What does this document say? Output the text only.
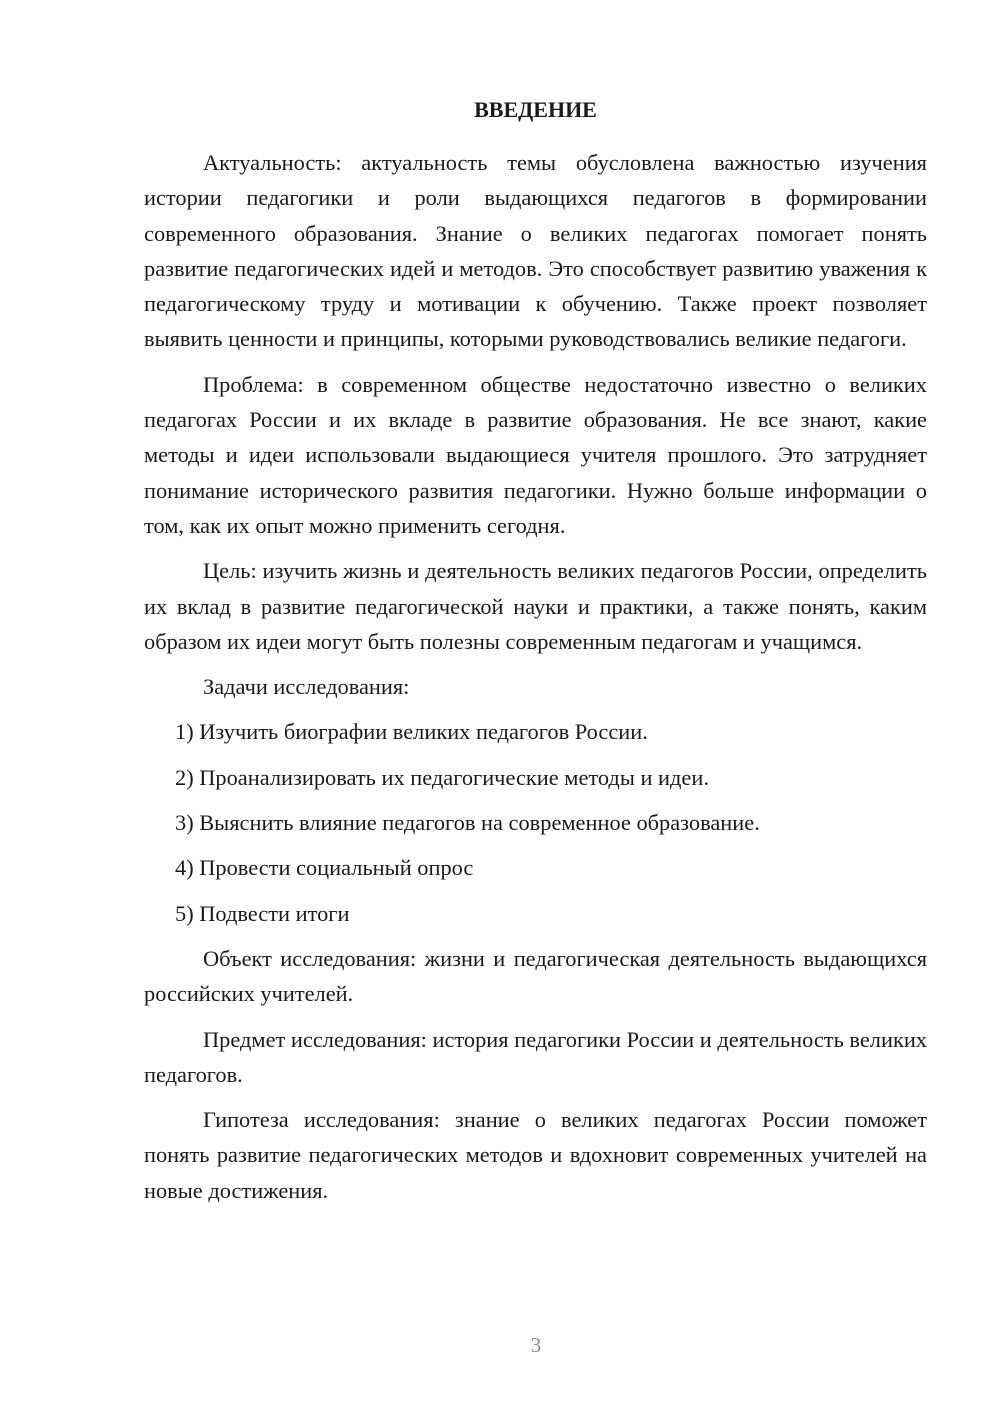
ВВЕДЕНИЕ

Актуальность: актуальность темы обусловлена важностью изучения истории педагогики и роли выдающихся педагогов в формировании современного образования. Знание о великих педагогах помогает понять развитие педагогических идей и методов. Это способствует развитию уважения к педагогическому труду и мотивации к обучению. Также проект позволяет выявить ценности и принципы, которыми руководствовались великие педагоги.

Проблема: в современном обществе недостаточно известно о великих педагогах России и их вкладе в развитие образования. Не все знают, какие методы и идеи использовали выдающиеся учителя прошлого. Это затрудняет понимание исторического развития педагогики. Нужно больше информации о том, как их опыт можно применить сегодня.

Цель: изучить жизнь и деятельность великих педагогов России, определить их вклад в развитие педагогической науки и практики, а также понять, каким образом их идеи могут быть полезны современным педагогам и учащимся.

Задачи исследования:

1) Изучить биографии великих педагогов России.
2) Проанализировать их педагогические методы и идеи.
3) Выяснить влияние педагогов на современное образование.
4) Провести социальный опрос
5) Подвести итоги

Объект исследования: жизни и педагогическая деятельность выдающихся российских учителей.

Предмет исследования: история педагогики России и деятельность великих педагогов.

Гипотеза исследования: знание о великих педагогах России поможет понять развитие педагогических методов и вдохновит современных учителей на новые достижения.

3
